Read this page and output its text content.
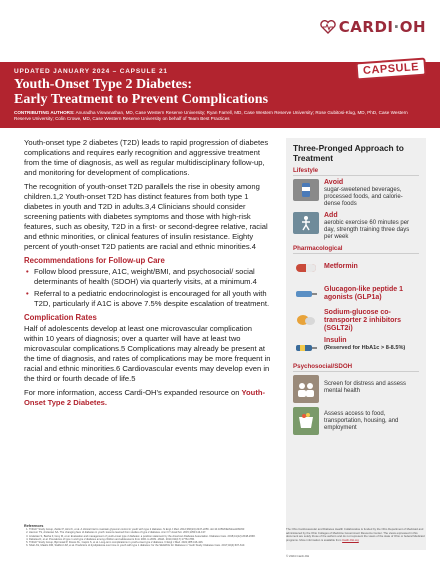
CARDI·OH
UPDATED JANUARY 2024 – CAPSULE 21
Youth-Onset Type 2 Diabetes:
Early Treatment to Prevent Complications
CONTRIBUTING AUTHORS: Anuradha Viswanathan, MD, Case Western Reserve University; Ryan Farrell, MD, Case Western Reserve University; Rose Gubitosi-Klug, MD, PhD, Case Western Reserve University; Colin Crowe, MD, Case Western Reserve University on behalf of Team Best Practices
CAPSULE

Youth-onset type 2 diabetes (T2D) leads to rapid progression of diabetes complications and requires early recognition and aggressive treatment from the time of diagnosis, as well as regular multidisciplinary follow-up, and monitoring for development of complications.

The recognition of youth-onset T2D parallels the rise in obesity among children.1,2 Youth-onset T2D has distinct features from both type 1 diabetes in youth and T2D in adults.3,4 Clinicians should consider screening patients with diabetes symptoms and those with high-risk features, such as obesity, T2D in a first- or second-degree relative, racial and ethnic minorities, or clinical features of insulin resistance. Eighty percent of youth-onset T2D patients are racial and ethnic minorities.4

Recommendations for Follow-up Care
• Follow blood pressure, A1C, weight/BMI, and psychosocial/ social determinants of health (SDOH) via quarterly visits, at a minimum.4
• Referral to a pediatric endocrinologist is encouraged for all youth with T2D, particularly if A1C is above 7.5% despite escalation of treatment.
Complication Rates

Half of adolescents develop at least one microvascular complication within 10 years of diagnosis; over a quarter will have at least two microvascular complications.5 Complications may already be present at the time of diagnosis, and rates of complications may be more frequent in racial and ethnic minorities.6 Cardiovascular events may develop even in the third or fourth decade of life.5

For more information, access Cardi-OH's expanded resource on Youth-Onset Type 2 Diabetes.

Three-Pronged Approach to Treatment
Lifestyle
Avoid
sugar-sweetened beverages, processed foods, and calorie-dense foods
Add
aerobic exercise 60 minutes per day, strength training three days per week
Pharmacological
Metformin
Glucagon-like peptide 1 agonists (GLP1a)
Sodium-glucose co-transporter 2 inhibitors (SGLT2i)
Insulin
(Reserved for HbA1c > 8-8.5%)
Psychosocial/SDOH
Screen for distress and assess mental health
Assess access to food, transportation, housing, and employment
References
1. TODAY Study Group, Zeitler P, Hirst K, et al. A clinical trial to maintain glycemic control in youth with type 2 diabetes. N Engl J Med. 2012;366(24):2247-2256. doi:10.1056/NEJMoa1109333
2. Hannon TS, Arslanian SA. The changing face of diabetes in youth: lessons learned from studies of type 2 diabetes. Ann N Y Acad Sci. 2015;1353:113-137.
3. Arslanian S, Bacha F, Grey M, et al. Evaluation and management of youth-onset type 2 diabetes: a position statement by the American Diabetes Association. Diabetes Care. 2018;41(12):2648-2668.
4. Dabelea D, et al. Prevalence of type 1 and type 2 diabetes among children and adolescents from 2001 to 2009. JAMA. 2014;311(17):1778-1786.
5. TODAY Study Group, Bjornstad P, Drews KL, Caprio S, et al. Long-term complications in youth-onset type 2 diabetes. N Engl J Med. 2021;385:416-426.
6. Shah AS, Maahs DM, Stafford JM, et al. Predictors of dyslipidemia over time in youth with type 1 diabetes: for the SEARCH for Diabetes in Youth Study. Diabetes Care. 2017;40(4):607-613.
The Ohio Cardiovascular and Diabetes Health Collaborative is funded by the Ohio Department of Medicaid and administered by the Ohio Colleges of Medicine Government Resource Center. The views expressed in this document are solely those of the authors and do not represent the views of the state of Ohio or federal Medicaid programs. More information is available from Cardi-OH.org
© 2024 Cardi-OH
